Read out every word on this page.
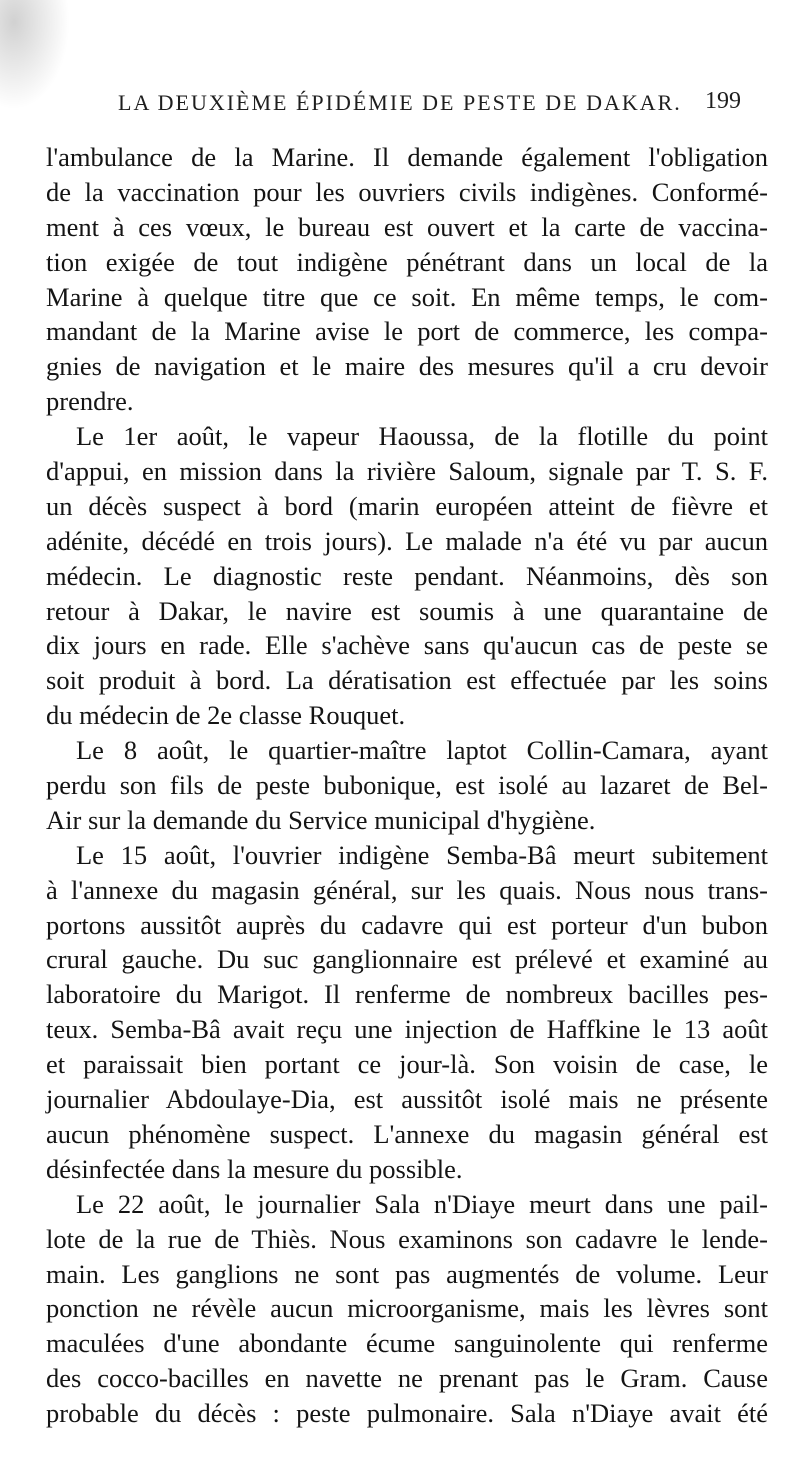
LA DEUXIÈME ÉPIDÉMIE DE PESTE DE DAKAR. 199
l'ambulance de la Marine. Il demande également l'obligation
de la vaccination pour les ouvriers civils indigènes. Conformé-
ment à ces vœux, le bureau est ouvert et la carte de vaccina-
tion exigée de tout indigène pénétrant dans un local de la
Marine à quelque titre que ce soit. En même temps, le com-
mandant de la Marine avise le port de commerce, les compa-
gnies de navigation et le maire des mesures qu'il a cru devoir
prendre.
Le 1er août, le vapeur Haoussa, de la flotille du point
d'appui, en mission dans la rivière Saloum, signale par T. S. F.
un décès suspect à bord (marin européen atteint de fièvre et
adénite, décédé en trois jours). Le malade n'a été vu par aucun
médecin. Le diagnostic reste pendant. Néanmoins, dès son
retour à Dakar, le navire est soumis à une quarantaine de
dix jours en rade. Elle s'achève sans qu'aucun cas de peste se
soit produit à bord. La dératisation est effectuée par les soins
du médecin de 2e classe Rouquet.
Le 8 août, le quartier-maître laptot Collin-Camara, ayant
perdu son fils de peste bubonique, est isolé au lazaret de Bel-
Air sur la demande du Service municipal d'hygiène.
Le 15 août, l'ouvrier indigène Semba-Bâ meurt subitement
à l'annexe du magasin général, sur les quais. Nous nous trans-
portons aussitôt auprès du cadavre qui est porteur d'un bubon
crural gauche. Du suc ganglionnaire est prélevé et examiné au
laboratoire du Marigot. Il renferme de nombreux bacilles pes-
teux. Semba-Bâ avait reçu une injection de Haffkine le 13 août
et paraissait bien portant ce jour-là. Son voisin de case, le
journalier Abdoulaye-Dia, est aussitôt isolé mais ne présente
aucun phénomène suspect. L'annexe du magasin général est
désinfectée dans la mesure du possible.
Le 22 août, le journalier Sala n'Diaye meurt dans une pail-
lote de la rue de Thiès. Nous examinons son cadavre le lende-
main. Les ganglions ne sont pas augmentés de volume. Leur
ponction ne révèle aucun microorganisme, mais les lèvres sont
maculées d'une abondante écume sanguinolente qui renferme
des cocco-bacilles en navette ne prenant pas le Gram. Cause
probable du décès : peste pulmonaire. Sala n'Diaye avait été
